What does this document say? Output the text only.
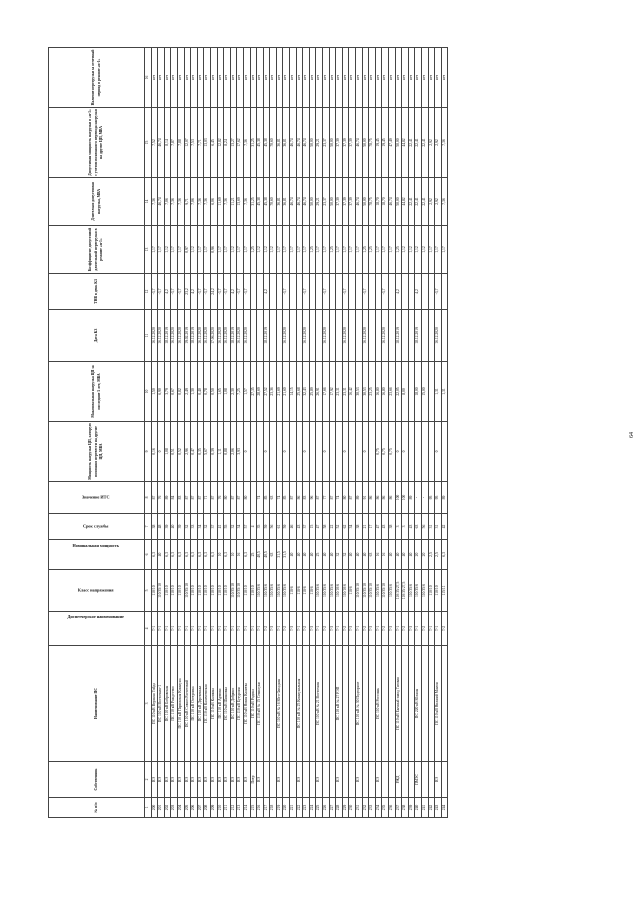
№ п/п	Собственник	Наименование ПС	Диспетчерское наименование	Класс напряжения	Номинальная мощность	Срок службы	Значение ИТС	Мощность нагрузки ЦП, которую возможно перевести на другие ЦП, МВА	Максимальная нагрузка ЦП за последние 5 лет, МВА	Дата КЗ	ТНВ в день КЗ	Коэффициент допустимой длительной перегрузки в режиме «n-1»	Длительно допустимая нагрузка, МВА	Допустимая мощность нагрузки в «n-1» с учетом возможного перевода нагрузки на другие ЦП, МВА	Наличие перегрузки за отчетный период в режиме «n-1»
1	2	3	4	5	6	7	8	9	10	11	12	13	14	15	16
200	ВЭ	ПС 110 кВ Верхняя Тойда	Т-1	110/10	6,3	38	87	0,16	1,50	16.12.2020	-3,7	1,17	7,36	7,52	нет
201	ВЭ	ПС 110 кВ Восточная-1	Т-1	110/35/10	40	48	76	0	6,90	16.12.2020	-3,7	1,17	46,74	46,74	нет
202	ВЭ	ПС 110 кВ Бобровская	Т-1	110/10	6,3	39	89	1,08	3,79	18.12.2019	4,2	1,12	7,06	8,14	нет
203	ВЭ	ПС 110 кВ Рождество	Т-1	110/10	6,3	40	84	0,51	0,67	16.12.2020	-3,7	1,17	7,36	7,87	нет
204	ВЭ	ПС 110 кВ Парижская Коммуна	Т-1	110/10	6,3	39	83	0,52	0,82	16.12.2020	-3,7	1,17	7,36	7,88	нет
205	ВЭ	ПС 110 кВ Совхоз Расчетский	Т-1	110/35/10	6,3	32	87	2,96	2,49	19.02.2019	23,2	0,97	9,71	12,07	нет
206	ВЭ	ПС 110 кВ Осетровка	Т-1	110/10	6,3	33	87	0,47	1,30	18.12.2019	4,2	1,12	7,06	7,53	нет
207	ВЭ	ПС 110 кВ Деревенька	Т-1	110/10	6,3	34	87	0,35	0,40	16.12.2020	-3,7	1,17	7,36	7,71	нет
208	ВЭ	ПС 110 кВ Калачеевская	Т-1	110/10	6,3	32	71	5,67	0,78	16.12.2020	-3,7	1,17	7,36	13,03	нет
209	ВЭ	ПС 110 кВ Калинка	Т-1	110/10	6,3	37	87	0,39	0,50	17.06.2020	24,2	0,96	6,06	6,45	нет
210	ВЭ	ПС 110 кВ Артюхи	Т-1	110/10	10	41	76	1,11	1,65	16.12.2020	-3,7	1,17	11,69	12,82	нет
211	ВЭ	ПС 110 кВ Шишовка	Т-1	110/10	6,3	55	80	0,88	1,08	16.12.2020	-3,7	1,17	7,36	8,24	нет
212	ВЭ	ПС 110 кВ Добрино	Т-1	110/35/10	10	32	87	2,06	2,30	18.12.2019	4,2	1,12	11,21	13,27	нет
213	ВЭ	ПС 110 кВ Бутурлин	Т-1	110/35/10	16	34	87	3,93	7,25	16.12.2020	-3,7	1,17	13,69	17,62	нет
214	ВЭ	ПС 110 кВ Новая Калитва	Т-1	110/10	6,3	57	80	0	1,57	16.12.2020	-3,7	1,17	7,36	7,36	нет
215	Потр	ПС 110 кВ Родина	Т-1	110/10	25	4			27,35			1,25	31,25	31,25	нет
216	ВЭ	ПС 110 кВ № 15 Семилуки	Т-1	110/35/6	40,5	35	74		28,69			1,12	45,38	45,38	нет
217			Т-2	110/35/6	40,5	59	85	0	27,52	18.12.2019	4,2	1,12	45,38	45,38	нет
218			Т-3	110/35/6	63	56	63		23,36			1,12	70,60	70,60	нет
219	ВЭ	ПС 110 кВ № 16 Юго-Западная	Т-1	110/35/6	31,5	61	74		21,69			1,17	36,81	36,81	нет
220			Т-2	110/35/6	31,5	59	85	0	21,60	16.12.2020	-3,7	1,17	36,81	36,81	нет
221			Т-3	110/6	40	46	87		14,15			1,17	46,74	46,74	нет
222	ВЭ	ПС 110 кВ № 25 Коммунальная	Т-1	110/6	40	43	86		25,68			1,17	46,74	46,74	нет
223			Т-2	110/6	40	37	83	0	32,43	16.12.2020	-3,7	1,17	46,74	46,74	нет
224			Т-3	110/6	40	15	96		25,89			1,25	50,00	50,00	нет
225	ВЭ	ПС 110 кВ № 21 Восточная	Т-1	110/35/6	25	47	87		26,91			1,17	29,21	29,21	нет
226			Т-2	110/35/6	40	58	77	0	17,66	16.12.2020	-3,7	1,17	23,37	23,37	нет
227			Т-3	110/35/6	40	22	87		17,92			1,25	50,00	50,00	нет
228	ВЭ	ПС 110 кВ № 27 РЭП	Т-1	110/10/6	32	52	74		23,31			1,17	37,39	37,39	нет
229			Т-2	110/10/6	32	62	80	0	23,31	16.12.2020	-3,7	1,17	37,39	37,39	нет
230			Т-3	110/6	40	34	87		16,42			1,17	37,39	37,39	нет
231	ВЭ	ПС 110 кВ № 30 Подгорное	Т-1	110/35/10	40	38	89		30,53			1,17	46,74	46,74	нет
232			Т-2	110/35/10	40	21	91	0	30,53	16.12.2020	-3,7	1,25	50,00	50,00	нет
233			Т-3	110/35/10	63	17	86		23,25			1,25	78,75	78,75	нет
234	ВЭ	ПС 110 кВ Россошь	Т-1	110/35/6	16	47	86	0,75	16,80			1,17	18,70	19,45	нет
235			Т-2	110/35/10	16	43	86	0,75	16,80	16.12.2020	-3,7	1,17	18,70	19,45	нет
236			Т-3	110/35/6	40	38	86	0,75	23,66			1,17	46,74	47,49	нет
237	РЖД	ПС 110 кВ Бычный завод Тяговая	Т-1	110/35/27,5	40	3	100	0	22,05	18.12.2019	4,2	1,25	50,00	50,00	нет
238			Т-2	110/35/27,5	40	3	100	0	8,00			1,12	44,82	44,82	нет
239			Т-3	110/35/6	40	43	89					1,12	22,41	22,41	нет
240	ПМЭС	ПС 220 кВ Южная	Т-1	110/35/6	20	63	-		18,00	18.12.2019	4,2	1,12	22,41	22,41	нет
241			Т-2	110/35/6	20	56	-		15,00			1,12	22,41	22,41	нет
242			Т-1	110/10	2,5	31	95					1,17	2,92	2,92	нет
243	ВЭ	ПС 110 кВ Нижний Мамон	Т-1	110/10	2,5	31	95	0	1,31	16.12.2020	-3,7	1,17	2,92	2,92	нет
244			Т-2	115/11	6,3	42	89		1,31			1,17	7,36	7,36	нет
64
